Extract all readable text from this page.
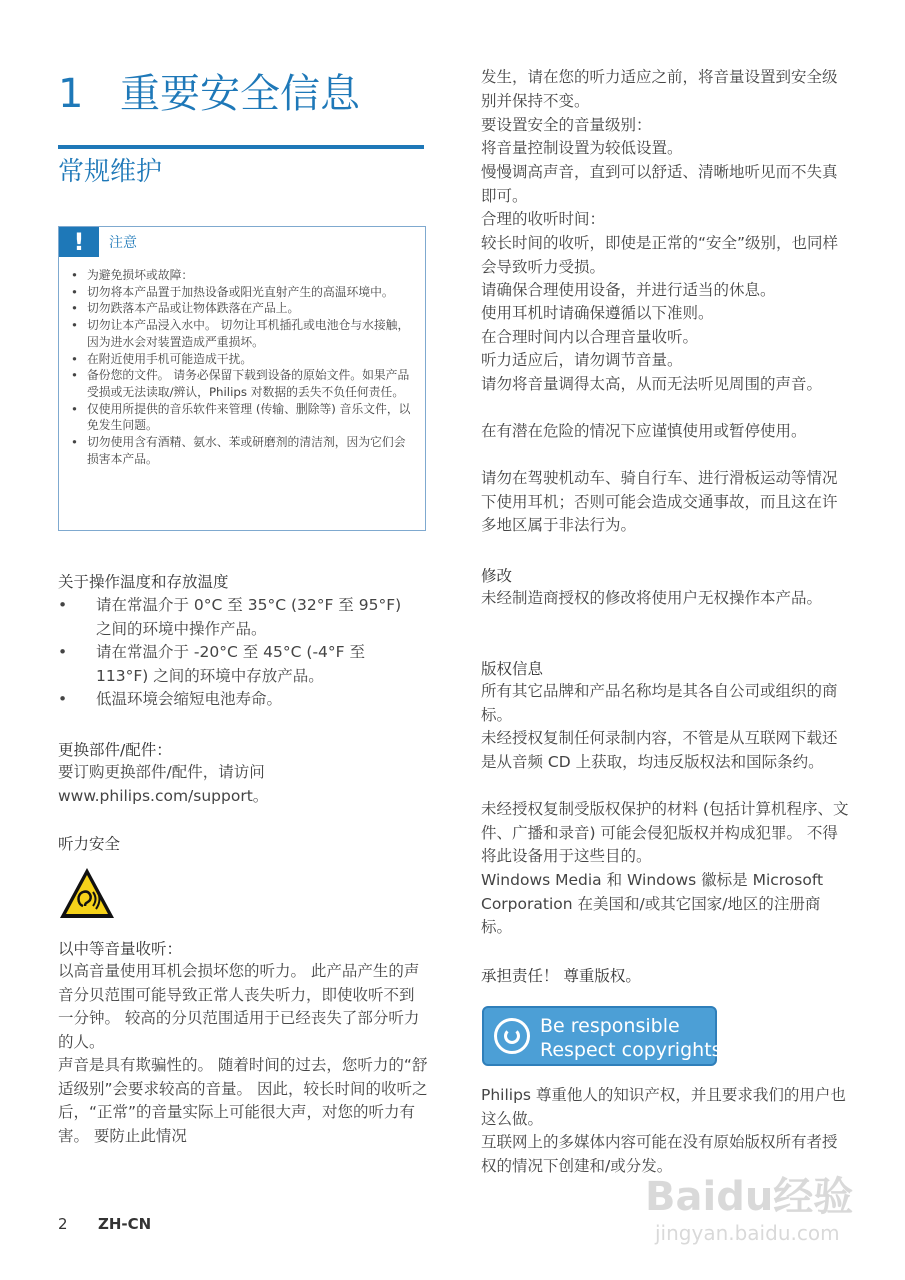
1 重要安全信息
常规维护
!	注意
• 为避免损坏或故障：
• 切勿将本产品置于加热设备或阳光直射产生的高温环境中。
• 切勿跌落本产品或让物体跌落在产品上。
• 切勿让本产品浸入水中。 切勿让耳机插孔或电池仓与水接触，因为进水会对装置造成严重损坏。
• 在附近使用手机可能造成干扰。
• 备份您的文件。 请务必保留下载到设备的原始文件。如果产品受损或无法读取/辨认，Philips 对数据的丢失不负任何责任。
• 仅使用所提供的音乐软件来管理 (传输、删除等) 音乐文件，以免发生问题。
• 切勿使用含有酒精、氨水、苯或研磨剂的清洁剂，因为它们会损害本产品。
关于操作温度和存放温度
• 请在常温介于 0°C 至 35°C (32°F 至 95°F) 之间的环境中操作产品。
• 请在常温介于 -20°C 至 45°C (-4°F 至 113°F) 之间的环境中存放产品。
• 低温环境会缩短电池寿命。
更换部件/配件：
要订购更换部件/配件，请访问 www.philips.com/support。
听力安全
以中等音量收听：
以高音量使用耳机会损坏您的听力。 此产品产生的声音分贝范围可能导致正常人丧失听力，即使收听不到一分钟。 较高的分贝范围适用于已经丧失了部分听力的人。
声音是具有欺骗性的。 随着时间的过去，您听力的“舒适级别”会要求较高的音量。 因此，较长时间的收听之后，“正常”的音量实际上可能很大声，对您的听力有害。 要防止此情况
发生，请在您的听力适应之前，将音量设置到安全级别并保持不变。
要设置安全的音量级别：
将音量控制设置为较低设置。
慢慢调高声音，直到可以舒适、清晰地听见而不失真即可。
合理的收听时间：
较长时间的收听，即使是正常的“安全”级别，也同样会导致听力受损。
请确保合理使用设备，并进行适当的休息。
使用耳机时请确保遵循以下准则。
在合理时间内以合理音量收听。
听力适应后，请勿调节音量。
请勿将音量调得太高，从而无法听见周围的声音。
在有潜在危险的情况下应谨慎使用或暂停使用。
请勿在驾驶机动车、骑自行车、进行滑板运动等情况下使用耳机；否则可能会造成交通事故，而且这在许多地区属于非法行为。
修改
未经制造商授权的修改将使用户无权操作本产品。
版权信息
所有其它品牌和产品名称均是其各自公司或组织的商标。
未经授权复制任何录制内容，不管是从互联网下载还是从音频 CD 上获取，均违反版权法和国际条约。
未经授权复制受版权保护的材料 (包括计算机程序、文件、广播和录音) 可能会侵犯版权并构成犯罪。 不得将此设备用于这些目的。
Windows Media 和 Windows 徽标是 Microsoft Corporation 在美国和/或其它国家/地区的注册商标。
承担责任！ 尊重版权。
Be responsible
Respect copyrights
Philips 尊重他人的知识产权，并且要求我们的用户也这么做。
互联网上的多媒体内容可能在没有原始版权所有者授权的情况下创建和/或分发。
2 ZH-CN
Baidu经验
jingyan.baidu.com
